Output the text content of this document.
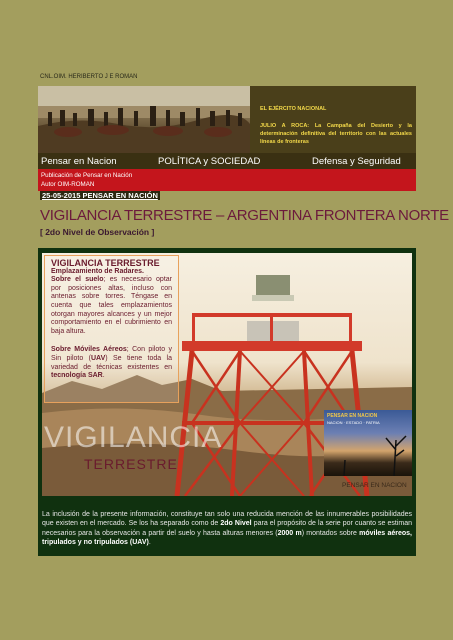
CNL.OIM. HERIBERTO J E ROMAN
EL EJÉRCITO NACIONAL
JULIO A ROCA: La Campaña del Desierto y la determinación definitiva del territorio con las actuales líneas de fronteras
Pensar en Nacion	POLÍTICA y SOCIEDAD	Defensa y Seguridad
Publicación de Pensar en Nación
Autor OIM-ROMAN
25-05-2015 PENSAR EN NACIÓN
VIGILANCIA TERRESTRE – ARGENTINA FRONTERA NORTE
[ 2do Nivel de Observación ]
VIGILANCIA TERRESTRE
Emplazamiento de Radares.
Sobre el suelo; es necesario optar por posiciones altas, incluso con antenas sobre torres. Téngase en cuenta que tales emplazamientos otorgan mayores alcances y un mejor comportamiento en el cubrimiento en baja altura.
Sobre Móviles Aéreos; Con piloto y Sin piloto (UAV) Se tiene toda la variedad de técnicas existentes en tecnología SAR.
VIGILANCIA
TERRESTRE
PENSAR EN NACION
NACION · ESTADO · PATRIA
PENSAR EN NACION
La inclusión de la presente información, constituye tan solo una reducida mención de las innumerables posibilidades que existen en el mercado. Se los ha separado como de 2do Nivel para el propósito de la serie por cuanto se estiman necesarios para la observación a partir del suelo y hasta alturas menores (2000 m) montados sobre móviles aéreos, tripulados y no tripulados (UAV).
